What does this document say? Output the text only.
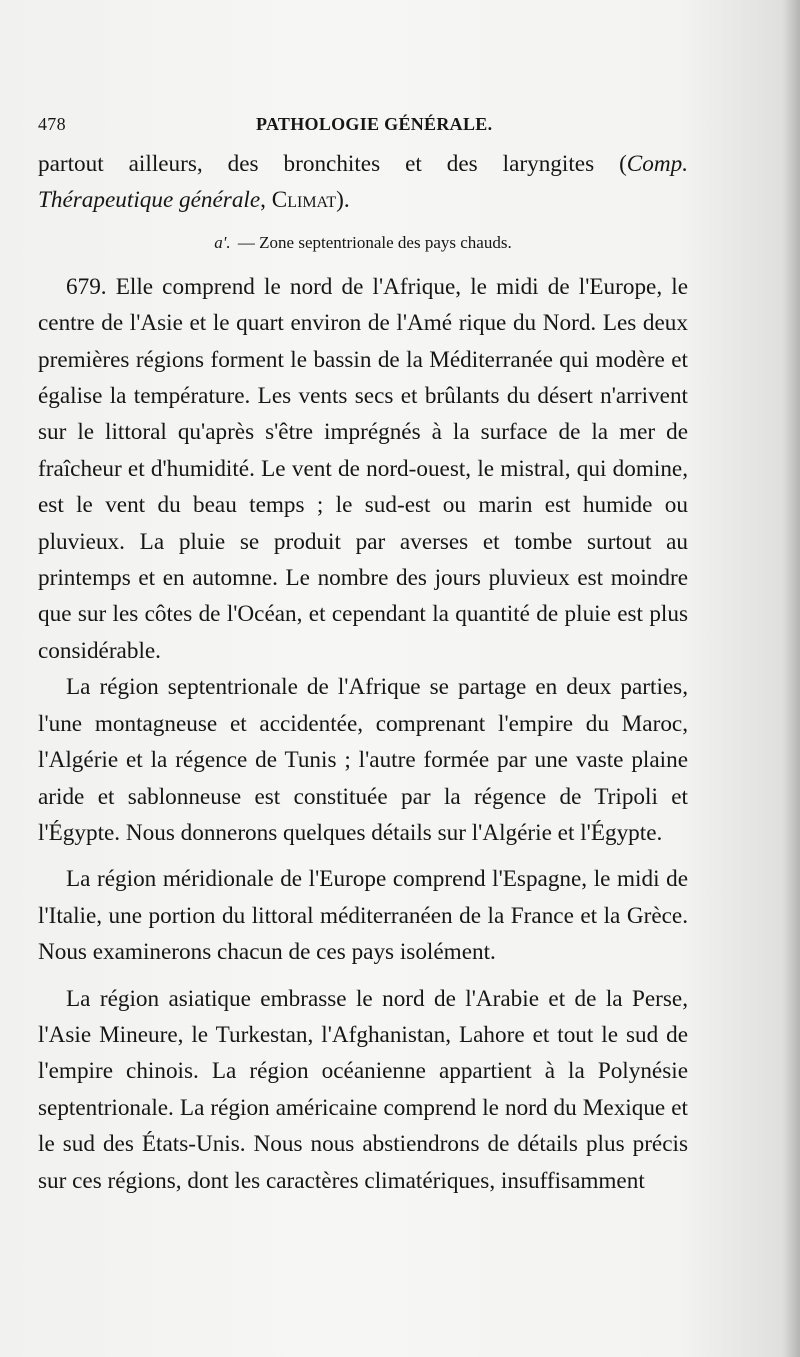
478	PATHOLOGIE GÉNÉRALE.

partout ailleurs, des bronchites et des laryngites (Comp. Thérapeutique générale, Climat).

a'. — Zone septentrionale des pays chauds.

679. Elle comprend le nord de l'Afrique, le midi de l'Europe, le centre de l'Asie et le quart environ de l'Amé rique du Nord. Les deux premières régions forment le bassin de la Méditerranée qui modère et égalise la température. Les vents secs et brûlants du désert n'arrivent sur le littoral qu'après s'être imprégnés à la surface de la mer de fraîcheur et d'humidité. Le vent de nord-ouest, le mistral, qui domine, est le vent du beau temps ; le sud-est ou marin est humide ou pluvieux. La pluie se produit par averses et tombe surtout au printemps et en automne. Le nombre des jours pluvieux est moindre que sur les côtes de l'Océan, et cependant la quantité de pluie est plus considérable.

La région septentrionale de l'Afrique se partage en deux parties, l'une montagneuse et accidentée, comprenant l'empire du Maroc, l'Algérie et la régence de Tunis ; l'autre formée par une vaste plaine aride et sablonneuse est constituée par la régence de Tripoli et l'Égypte. Nous donnerons quelques détails sur l'Algérie et l'Égypte.

La région méridionale de l'Europe comprend l'Espagne, le midi de l'Italie, une portion du littoral méditerranéen de la France et la Grèce. Nous examinerons chacun de ces pays isolément.

La région asiatique embrasse le nord de l'Arabie et de la Perse, l'Asie Mineure, le Turkestan, l'Afghanistan, Lahore et tout le sud de l'empire chinois. La région océanienne appartient à la Polynésie septentrionale. La région américaine comprend le nord du Mexique et le sud des États-Unis. Nous nous abstiendrons de détails plus précis sur ces régions, dont les caractères climatériques, insuffisamment
